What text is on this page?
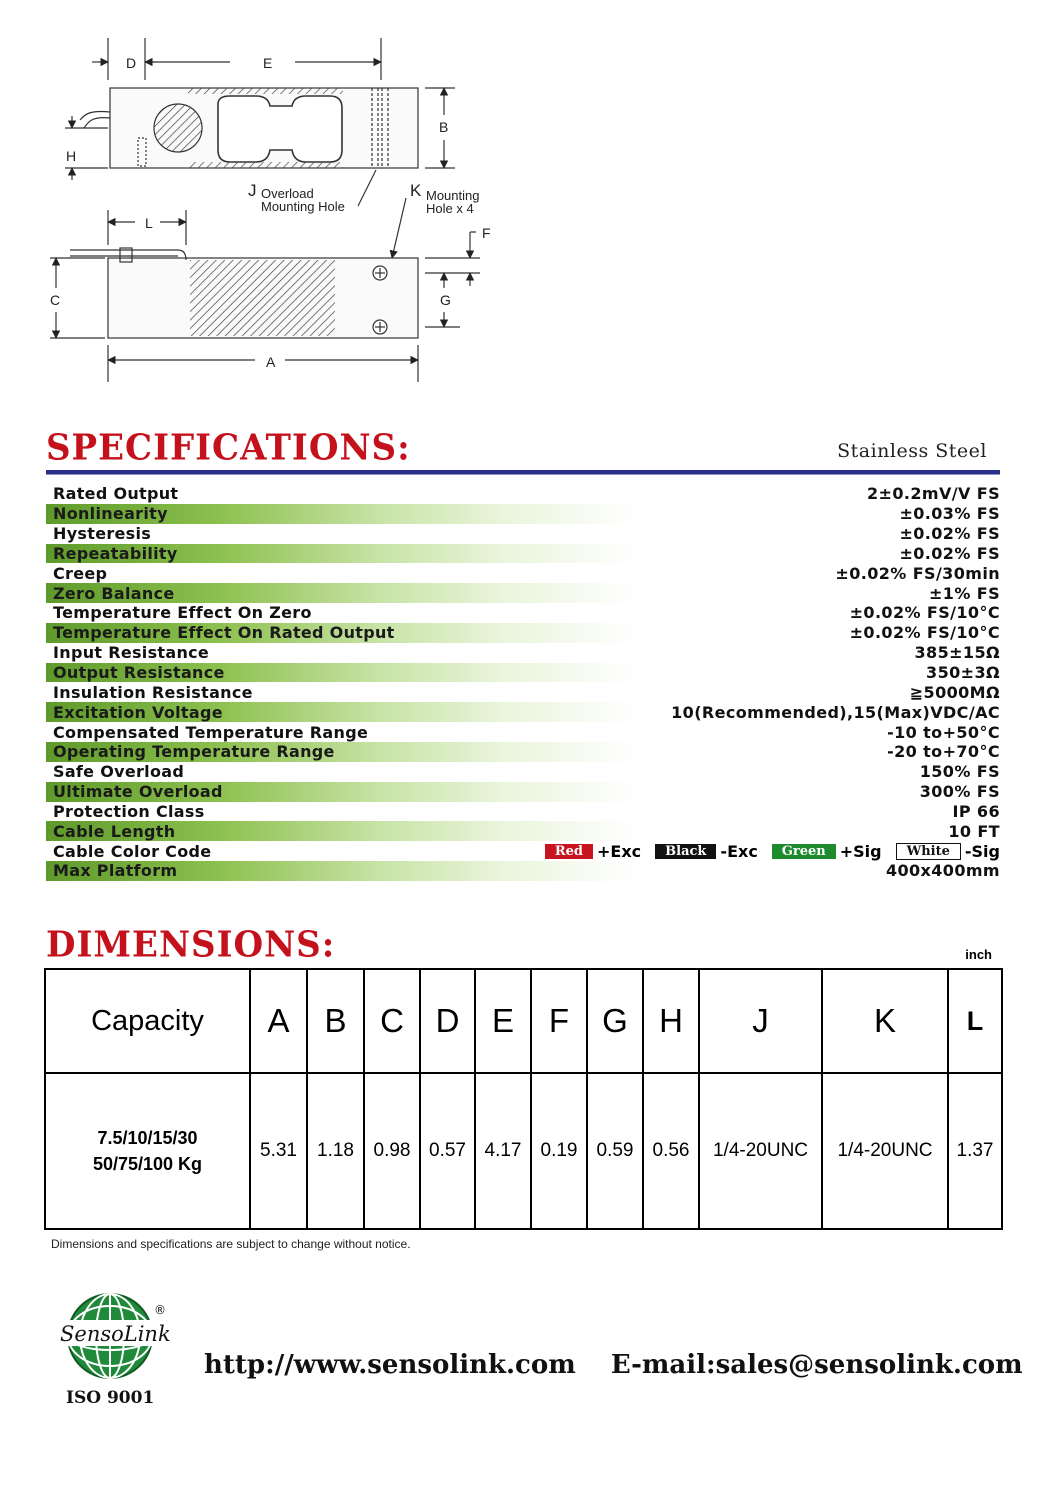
D	E
B
H
L
C
F
G
A
J Overload
Mounting Hole
K Mounting
Hole x 4
SPECIFICATIONS:	Stainless Steel
Rated Output	2±0.2mV/V FS
Nonlinearity	±0.03% FS
Hysteresis	±0.02% FS
Repeatability	±0.02% FS
Creep	±0.02% FS/30min
Zero Balance	±1% FS
Temperature Effect On Zero	±0.02% FS/10°C
Temperature Effect On Rated Output	±0.02% FS/10°C
Input Resistance	385±15Ω
Output Resistance	350±3Ω
Insulation Resistance	≧5000MΩ
Excitation Voltage	10(Recommended),15(Max)VDC/AC
Compensated Temperature Range	-10 to+50°C
Operating Temperature Range	-20 to+70°C
Safe Overload	150% FS
Ultimate Overload	300% FS
Protection Class	IP 66
Cable Length	10 FT
Cable Color Code	Red +Exc	Black -Exc	Green +Sig	White -Sig
Max Platform	400x400mm
DIMENSIONS:	inch
Capacity	A	B	C	D	E	F	G	H	J	K	L

7.5/10/15/30
50/75/100 Kg	5.31	1.18	0.98	0.57	4.17	0.19	0.59	0.56	1/4-20UNC	1/4-20UNC	1.37
Dimensions and specifications are subject to change without notice.
SensoLink
®
ISO 9001
http://www.sensolink.com E-mail:sales@sensolink.com
